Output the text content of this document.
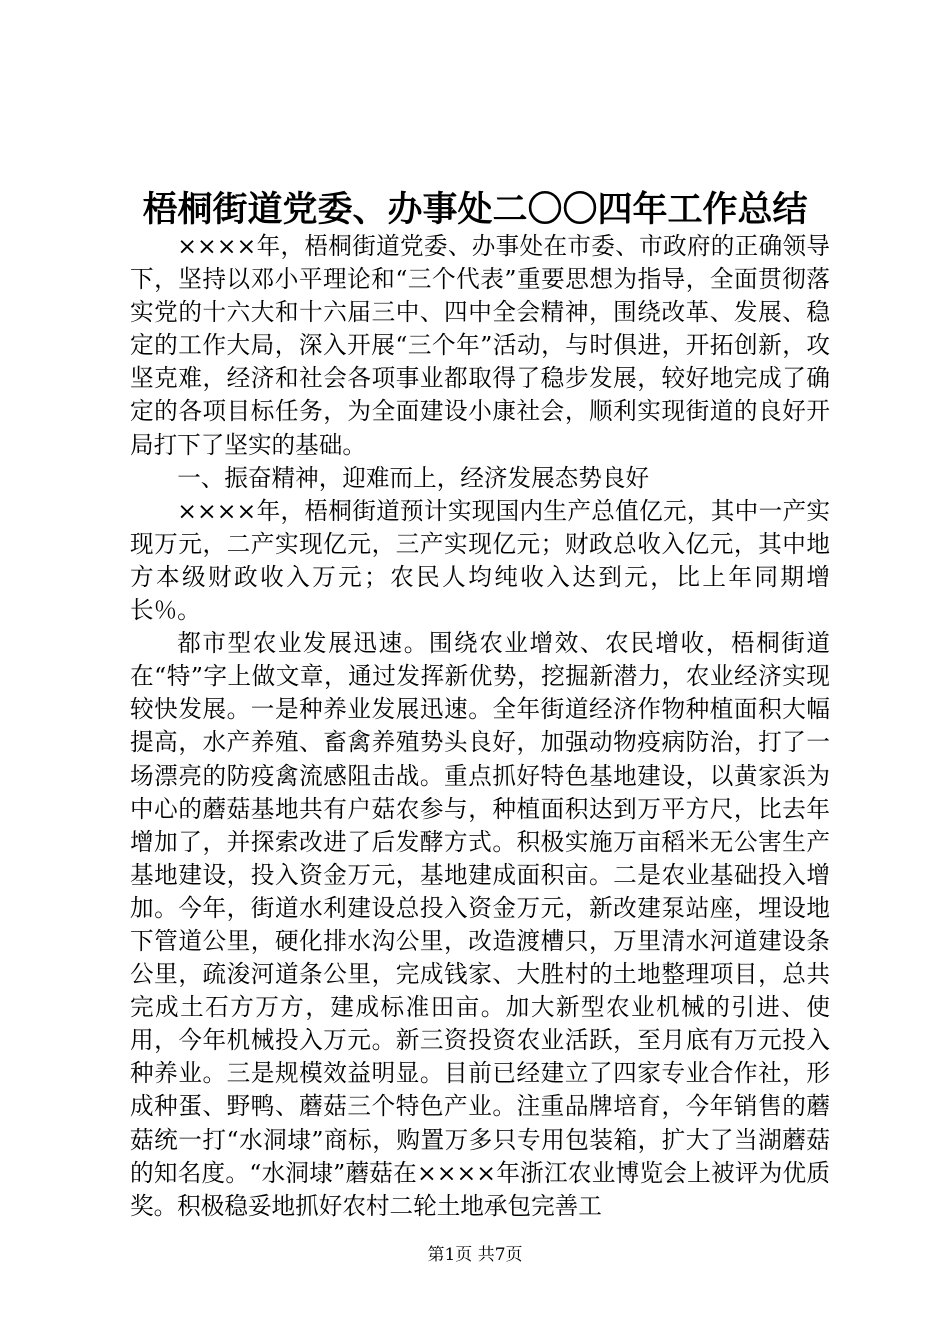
梧桐街道党委、办事处二〇〇四年工作总结

××××年，梧桐街道党委、办事处在市委、市政府的正确领导下，坚持以邓小平理论和“三个代表”重要思想为指导，全面贯彻落实党的十六大和十六届三中、四中全会精神，围绕改革、发展、稳定的工作大局，深入开展“三个年”活动，与时俱进，开拓创新，攻坚克难，经济和社会各项事业都取得了稳步发展，较好地完成了确定的各项目标任务，为全面建设小康社会，顺利实现街道的良好开局打下了坚实的基础。

一、振奋精神，迎难而上，经济发展态势良好

××××年，梧桐街道预计实现国内生产总值亿元，其中一产实现万元，二产实现亿元，三产实现亿元；财政总收入亿元，其中地方本级财政收入万元；农民人均纯收入达到元，比上年同期增长％。

都市型农业发展迅速。围绕农业增效、农民增收，梧桐街道在“特”字上做文章，通过发挥新优势，挖掘新潜力，农业经济实现较快发展。一是种养业发展迅速。全年街道经济作物种植面积大幅提高，水产养殖、畜禽养殖势头良好，加强动物疫病防治，打了一场漂亮的防疫禽流感阻击战。重点抓好特色基地建设，以黄家浜为中心的蘑菇基地共有户菇农参与，种植面积达到万平方尺，比去年增加了，并探索改进了后发酵方式。积极实施万亩稻米无公害生产基地建设，投入资金万元，基地建成面积亩。二是农业基础投入增加。今年，街道水利建设总投入资金万元，新改建泵站座，埋设地下管道公里，硬化排水沟公里，改造渡槽只，万里清水河道建设条公里，疏浚河道条公里，完成钱家、大胜村的土地整理项目，总共完成土石方万方，建成标准田亩。加大新型农业机械的引进、使用，今年机械投入万元。新三资投资农业活跃，至月底有万元投入种养业。三是规模效益明显。目前已经建立了四家专业合作社，形成种蛋、野鸭、蘑菇三个特色产业。注重品牌培育，今年销售的蘑菇统一打“水洞埭”商标，购置万多只专用包装箱，扩大了当湖蘑菇的知名度。“水洞埭”蘑菇在××××年浙江农业博览会上被评为优质奖。积极稳妥地抓好农村二轮土地承包完善工

第1页 共7页
